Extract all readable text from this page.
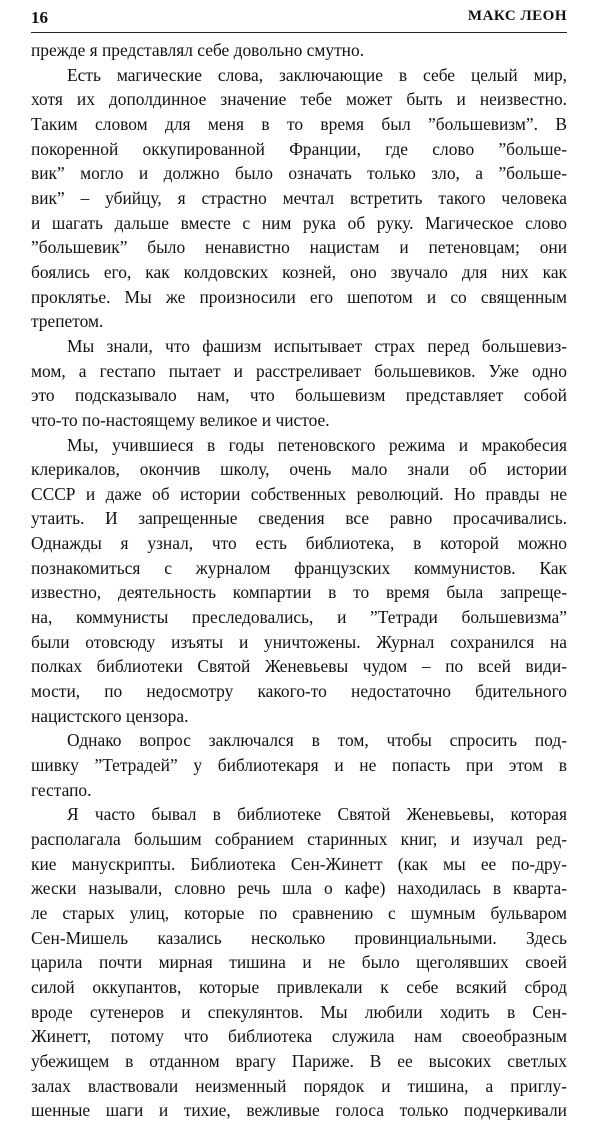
16	МАКС ЛЕОН
прежде я представлял себе довольно смутно.
Есть магические слова, заключающие в себе целый мир,
хотя их дополдинное значение тебе может быть и неизвестно.
Таким словом для меня в то время был ”большевизм”. В
покоренной оккупированной Франции, где слово ”больше-
вик” могло и должно было означать только зло, а ”больше-
вик” – убийцу, я страстно мечтал встретить такого человека
и шагать дальше вместе с ним рука об руку. Магическое слово
”большевик” было ненавистно нацистам и петеновцам; они
боялись его, как колдовских козней, оно звучало для них как
проклятье. Мы же произносили его шепотом и со священным
трепетом.
Мы знали, что фашизм испытывает страх перед большевиз-
мом, а гестапо пытает и расстреливает большевиков. Уже одно
это подсказывало нам, что большевизм представляет собой
что-то по-настоящему великое и чистое.
Мы, учившиеся в годы петеновского режима и мракобесия
клерикалов, окончив школу, очень мало знали об истории
СССР и даже об истории собственных революций. Но правды не
утаить. И запрещенные сведения все равно просачивались.
Однажды я узнал, что есть библиотека, в которой можно
познакомиться с журналом французских коммунистов. Как
известно, деятельность компартии в то время была запреще-
на, коммунисты преследовались, и ”Тетради большевизма”
были отовсюду изъяты и уничтожены. Журнал сохранился на
полках библиотеки Святой Женевьевы чудом – по всей види-
мости, по недосмотру какого-то недостаточно бдительного
нацистского цензора.
Однако вопрос заключался в том, чтобы спросить под-
шивку ”Тетрадей” у библиотекаря и не попасть при этом в
гестапо.
Я часто бывал в библиотеке Святой Женевьевы, которая
располагала большим собранием старинных книг, и изучал ред-
кие манускрипты. Библиотека Сен-Жинетт (как мы ее по-дру-
жески называли, словно речь шла о кафе) находилась в кварта-
ле старых улиц, которые по сравнению с шумным бульваром
Сен-Мишель казались несколько провинциальными. Здесь
царила почти мирная тишина и не было щеголявших своей
силой оккупантов, которые привлекали к себе всякий сброд
вроде сутенеров и спекулянтов. Мы любили ходить в Сен-
Жинетт, потому что библиотека служила нам своеобразным
убежищем в отданном врагу Париже. В ее высоких светлых
залах властвовали неизменный порядок и тишина, а приглу-
шенные шаги и тихие, вежливые голоса только подчеркивали
